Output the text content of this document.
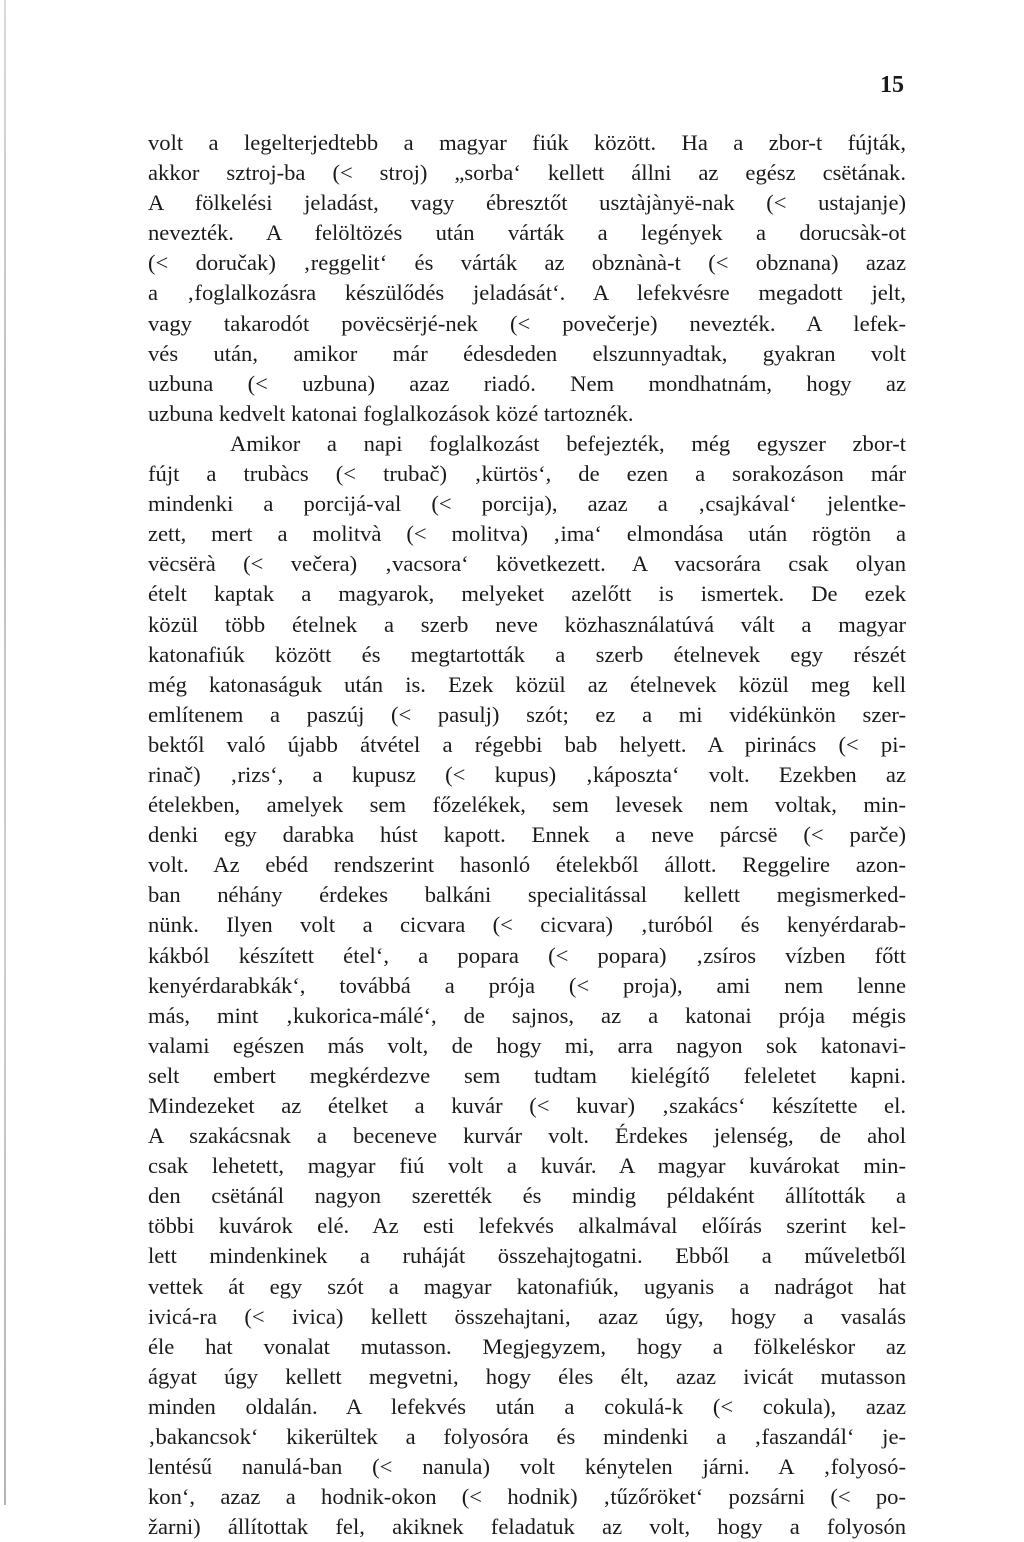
15
volt a legelterjedtebb a magyar fiúk között. Ha a zbor-t fújták,
akkor sztroj-ba (< stroj) „sorba‘ kellett állni az egész csëtának.
A fölkelési jeladást, vagy ébresztőt usztàjànyë-nak (< ustajanje)
nevezték. A felöltözés után várták a legények a dorucsàk-ot
(< doručak) ‚reggelit‘ és várták az obznànà-t (< obznana) azaz
a ‚foglalkozásra készülődés jeladását‘. A lefekvésre megadott jelt,
vagy takarodót povëcsërjé-nek (< povečerje) nevezték. A lefek-
vés után, amikor már édesdeden elszunnyadtak, gyakran volt
uzbuna (< uzbuna) azaz riadó. Nem mondhatnám, hogy az
uzbuna kedvelt katonai foglalkozások közé tartoznék.
Amikor a napi foglalkozást befejezték, még egyszer zbor-t
fújt a trubàcs (< trubač) ‚kürtös‘, de ezen a sorakozáson már
mindenki a porcijá-val (< porcija), azaz a ‚csajkával‘ jelentke-
zett, mert a molitvà (< molitva) ‚ima‘ elmondása után rögtön a
vëcsërà (< večera) ‚vacsora‘ következett. A vacsorára csak olyan
ételt kaptak a magyarok, melyeket azelőtt is ismertek. De ezek
közül több ételnek a szerb neve közhasználatúvá vált a magyar
katonafiúk között és megtartották a szerb ételnevek egy részét
még katonaságuk után is. Ezek közül az ételnevek közül meg kell
említenem a paszúj (< pasulj) szót; ez a mi vidékünkön szer-
bektől való újabb átvétel a régebbi bab helyett. A pirinács (< pi-
rinač) ‚rizs‘, a kupusz (< kupus) ‚káposzta‘ volt. Ezekben az
ételekben, amelyek sem főzelékek, sem levesek nem voltak, min-
denki egy darabka húst kapott. Ennek a neve párcsë (< parče)
volt. Az ebéd rendszerint hasonló ételekből állott. Reggelire azon-
ban néhány érdekes balkáni specialitással kellett megismerked-
nünk. Ilyen volt a cicvara (< cicvara) ‚turóból és kenyérdarab-
kákból készített étel‘, a popara (< popara) ‚zsíros vízben főtt
kenyérdarabkák‘, továbbá a prója (< proja), ami nem lenne
más, mint ‚kukorica-málé‘, de sajnos, az a katonai prója mégis
valami egészen más volt, de hogy mi, arra nagyon sok katonavi-
selt embert megkérdezve sem tudtam kielégítő feleletet kapni.
Mindezeket az ételket a kuvár (< kuvar) ‚szakács‘ készítette el.
A szakácsnak a beceneve kurvár volt. Érdekes jelenség, de ahol
csak lehetett, magyar fiú volt a kuvár. A magyar kuvárokat min-
den csëtánál nagyon szerették és mindig példaként állították a
többi kuvárok elé. Az esti lefekvés alkalmával előírás szerint kel-
lett mindenkinek a ruháját összehajtogatni. Ebből a műveletből
vettek át egy szót a magyar katonafiúk, ugyanis a nadrágot hat
ivicá-ra (< ivica) kellett összehajtani, azaz úgy, hogy a vasalás
éle hat vonalat mutasson. Megjegyzem, hogy a fölkeléskor az
ágyat úgy kellett megvetni, hogy éles élt, azaz ivicát mutasson
minden oldalán. A lefekvés után a cokulá-k (< cokula), azaz
‚bakancsok‘ kikerültek a folyosóra és mindenki a ‚faszandál‘ je-
lentésű nanulá-ban (< nanula) volt kénytelen járni. A ‚folyosó-
kon‘, azaz a hodnik-okon (< hodnik) ‚tűzőröket‘ pozsárni (< po-
žarni) állítottak fel, akiknek feladatuk az volt, hogy a folyosón
